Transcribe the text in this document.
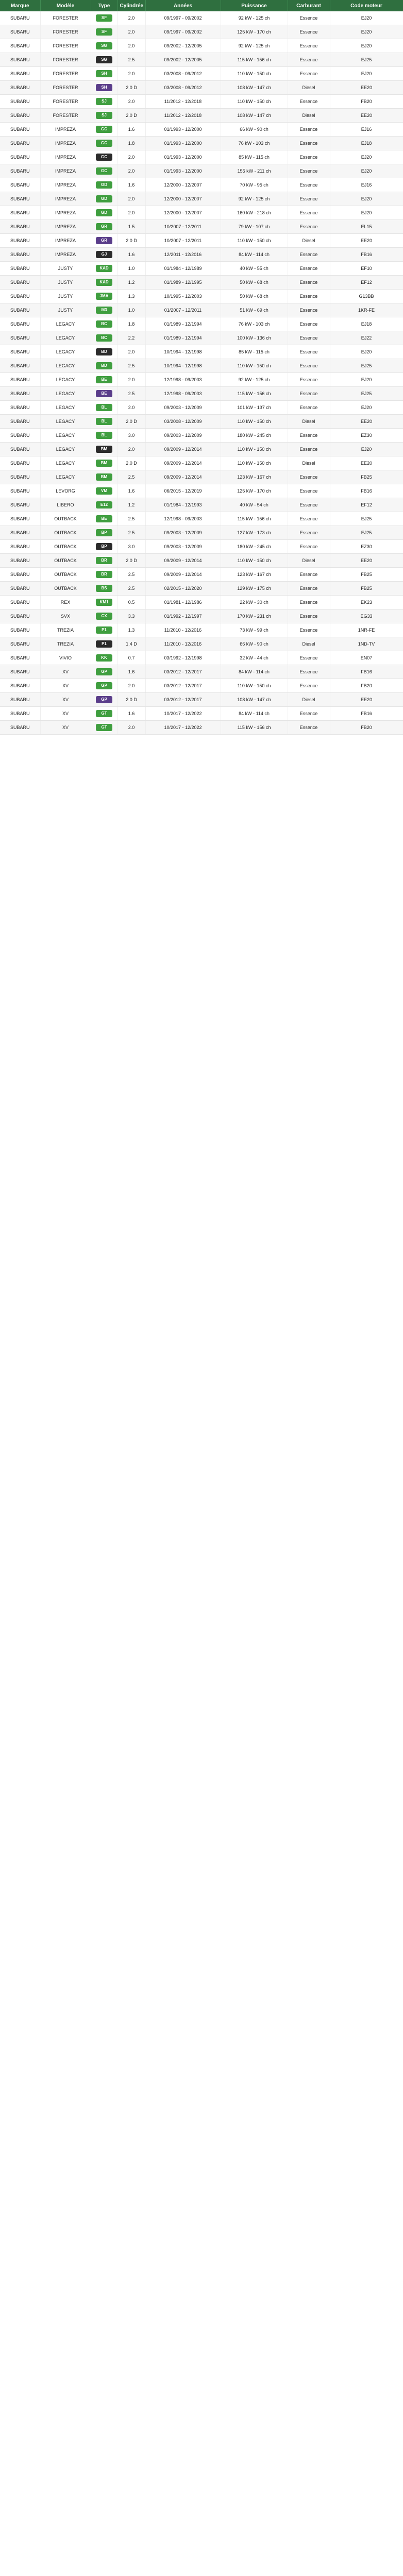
Marque	Modèle	Type	Cylindrée	Années	Puissance	Carburant	Code moteur
SUBARU	FORESTER	SF	2.0	09/1997 - 09/2002	92 kW - 125 ch	Essence	EJ20
SUBARU	FORESTER	SF	2.0	09/1997 - 09/2002	125 kW - 170 ch	Essence	EJ20
SUBARU	FORESTER	SG	2.0	09/2002 - 12/2005	92 kW - 125 ch	Essence	EJ20
SUBARU	FORESTER	SG	2.5	09/2002 - 12/2005	115 kW - 156 ch	Essence	EJ25
SUBARU	FORESTER	SH	2.0	03/2008 - 09/2012	110 kW - 150 ch	Essence	EJ20
SUBARU	FORESTER	SH	2.0 D	03/2008 - 09/2012	108 kW - 147 ch	Diesel	EE20
SUBARU	FORESTER	SJ	2.0	11/2012 - 12/2018	110 kW - 150 ch	Essence	FB20
SUBARU	FORESTER	SJ	2.0 D	11/2012 - 12/2018	108 kW - 147 ch	Diesel	EE20
SUBARU	IMPREZA	GC	1.6	01/1993 - 12/2000	66 kW - 90 ch	Essence	EJ16
SUBARU	IMPREZA	GC	1.8	01/1993 - 12/2000	76 kW - 103 ch	Essence	EJ18
SUBARU	IMPREZA	GC	2.0	01/1993 - 12/2000	85 kW - 115 ch	Essence	EJ20
SUBARU	IMPREZA	GC	2.0	01/1993 - 12/2000	155 kW - 211 ch	Essence	EJ20
SUBARU	IMPREZA	GD	1.6	12/2000 - 12/2007	70 kW - 95 ch	Essence	EJ16
SUBARU	IMPREZA	GD	2.0	12/2000 - 12/2007	92 kW - 125 ch	Essence	EJ20
SUBARU	IMPREZA	GD	2.0	12/2000 - 12/2007	160 kW - 218 ch	Essence	EJ20
SUBARU	IMPREZA	GR	1.5	10/2007 - 12/2011	79 kW - 107 ch	Essence	EL15
SUBARU	IMPREZA	GR	2.0 D	10/2007 - 12/2011	110 kW - 150 ch	Diesel	EE20
SUBARU	IMPREZA	GJ	1.6	12/2011 - 12/2016	84 kW - 114 ch	Essence	FB16
SUBARU	JUSTY	KAD	1.0	01/1984 - 12/1989	40 kW - 55 ch	Essence	EF10
SUBARU	JUSTY	KAD	1.2	01/1989 - 12/1995	50 kW - 68 ch	Essence	EF12
SUBARU	JUSTY	JMA	1.3	10/1995 - 12/2003	50 kW - 68 ch	Essence	G13BB
SUBARU	JUSTY	M3	1.0	01/2007 - 12/2011	51 kW - 69 ch	Essence	1KR-FE
SUBARU	LEGACY	BC	1.8	01/1989 - 12/1994	76 kW - 103 ch	Essence	EJ18
SUBARU	LEGACY	BC	2.2	01/1989 - 12/1994	100 kW - 136 ch	Essence	EJ22
SUBARU	LEGACY	BD	2.0	10/1994 - 12/1998	85 kW - 115 ch	Essence	EJ20
SUBARU	LEGACY	BD	2.5	10/1994 - 12/1998	110 kW - 150 ch	Essence	EJ25
SUBARU	LEGACY	BE	2.0	12/1998 - 09/2003	92 kW - 125 ch	Essence	EJ20
SUBARU	LEGACY	BE	2.5	12/1998 - 09/2003	115 kW - 156 ch	Essence	EJ25
SUBARU	LEGACY	BL	2.0	09/2003 - 12/2009	101 kW - 137 ch	Essence	EJ20
SUBARU	LEGACY	BL	2.0 D	03/2008 - 12/2009	110 kW - 150 ch	Diesel	EE20
SUBARU	LEGACY	BL	3.0	09/2003 - 12/2009	180 kW - 245 ch	Essence	EZ30
SUBARU	LEGACY	BM	2.0	09/2009 - 12/2014	110 kW - 150 ch	Essence	EJ20
SUBARU	LEGACY	BM	2.0 D	09/2009 - 12/2014	110 kW - 150 ch	Diesel	EE20
SUBARU	LEGACY	BM	2.5	09/2009 - 12/2014	123 kW - 167 ch	Essence	FB25
SUBARU	LEVORG	VM	1.6	06/2015 - 12/2019	125 kW - 170 ch	Essence	FB16
SUBARU	LIBERO	E12	1.2	01/1984 - 12/1993	40 kW - 54 ch	Essence	EF12
SUBARU	OUTBACK	BE	2.5	12/1998 - 09/2003	115 kW - 156 ch	Essence	EJ25
SUBARU	OUTBACK	BP	2.5	09/2003 - 12/2009	127 kW - 173 ch	Essence	EJ25
SUBARU	OUTBACK	BP	3.0	09/2003 - 12/2009	180 kW - 245 ch	Essence	EZ30
SUBARU	OUTBACK	BR	2.0 D	09/2009 - 12/2014	110 kW - 150 ch	Diesel	EE20
SUBARU	OUTBACK	BR	2.5	09/2009 - 12/2014	123 kW - 167 ch	Essence	FB25
SUBARU	OUTBACK	BS	2.5	02/2015 - 12/2020	129 kW - 175 ch	Essence	FB25
SUBARU	REX	KM1	0.5	01/1981 - 12/1986	22 kW - 30 ch	Essence	EK23
SUBARU	SVX	CX	3.3	01/1992 - 12/1997	170 kW - 231 ch	Essence	EG33
SUBARU	TREZIA	P1	1.3	11/2010 - 12/2016	73 kW - 99 ch	Essence	1NR-FE
SUBARU	TREZIA	P1	1.4 D	11/2010 - 12/2016	66 kW - 90 ch	Diesel	1ND-TV
SUBARU	VIVIO	KK	0.7	03/1992 - 12/1998	32 kW - 44 ch	Essence	EN07
SUBARU	XV	GP	1.6	03/2012 - 12/2017	84 kW - 114 ch	Essence	FB16
SUBARU	XV	GP	2.0	03/2012 - 12/2017	110 kW - 150 ch	Essence	FB20
SUBARU	XV	GP	2.0 D	03/2012 - 12/2017	108 kW - 147 ch	Diesel	EE20
SUBARU	XV	GT	1.6	10/2017 - 12/2022	84 kW - 114 ch	Essence	FB16
SUBARU	XV	GT	2.0	10/2017 - 12/2022	115 kW - 156 ch	Essence	FB20
